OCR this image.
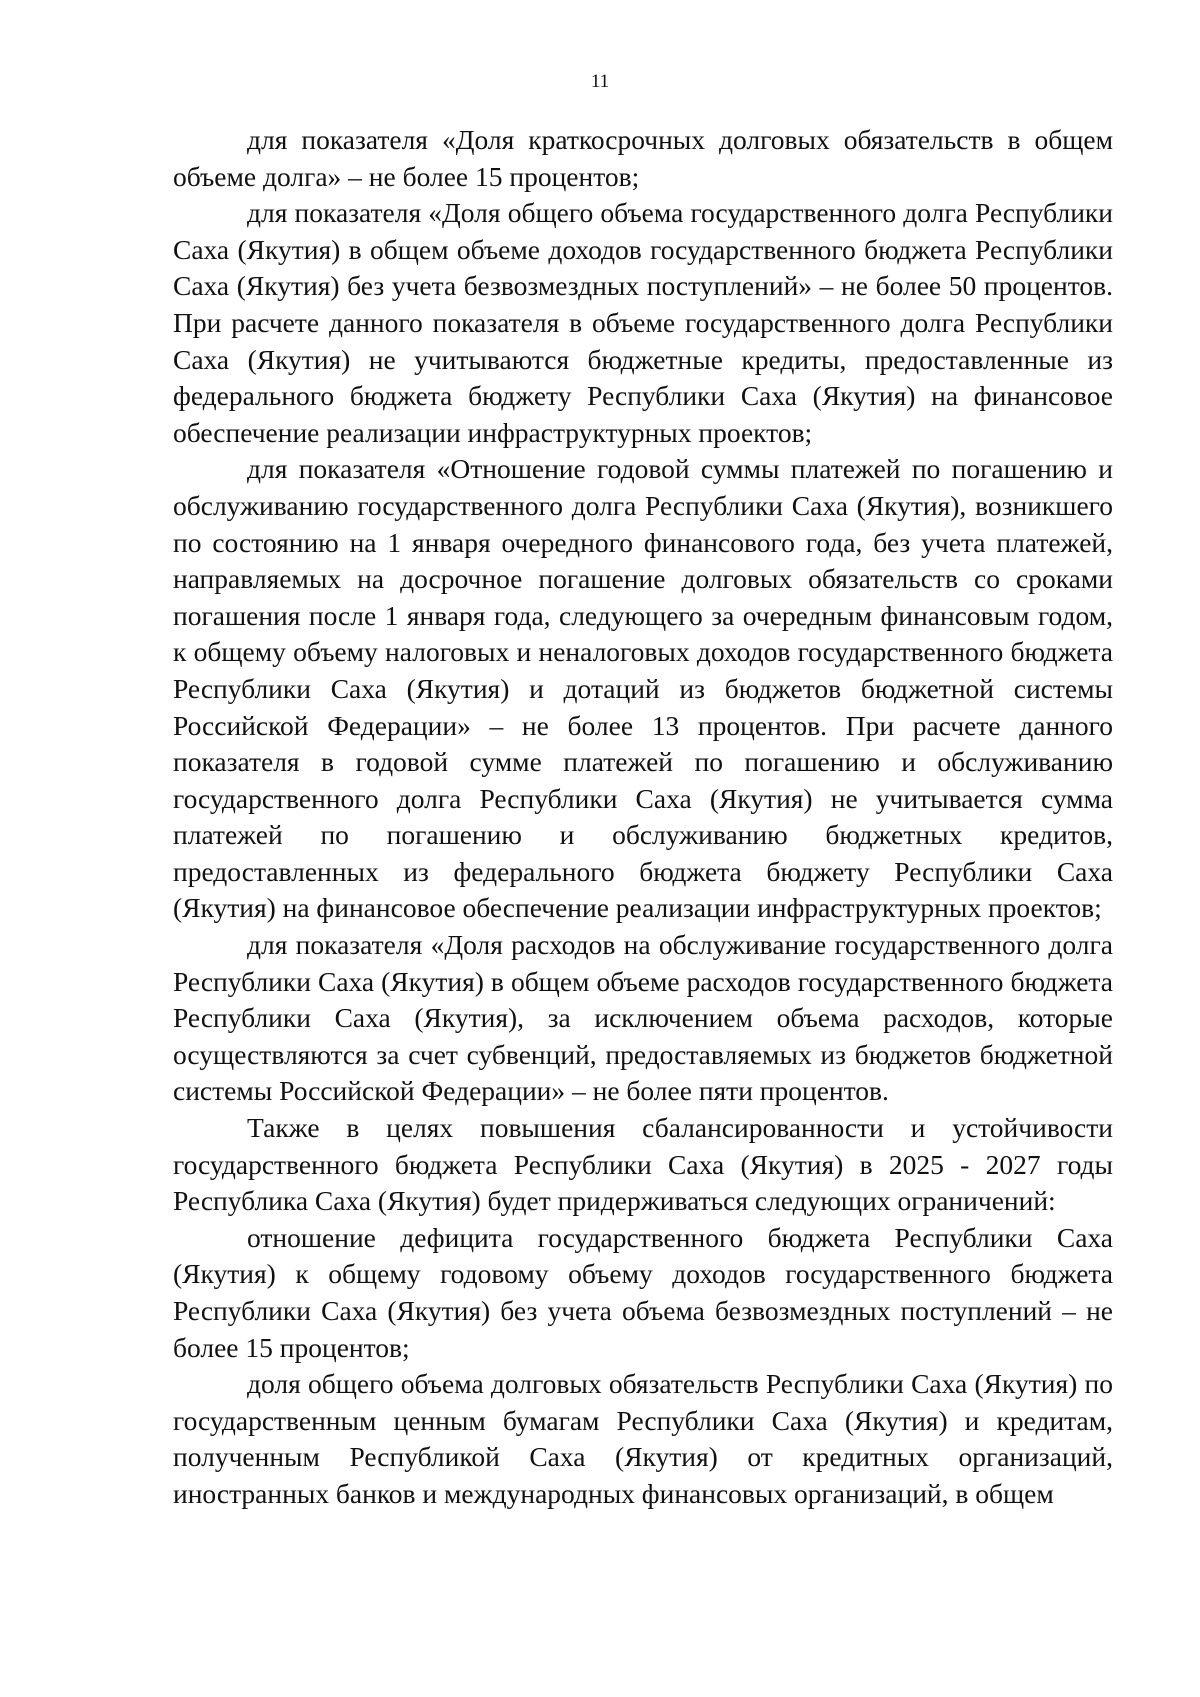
11

для показателя «Доля краткосрочных долговых обязательств в общем объеме долга» – не более 15 процентов;

для показателя «Доля общего объема государственного долга Республики Саха (Якутия) в общем объеме доходов государственного бюджета Республики Саха (Якутия) без учета безвозмездных поступлений» – не более 50 процентов. При расчете данного показателя в объеме государственного долга Республики Саха (Якутия) не учитываются бюджетные кредиты, предоставленные из федерального бюджета бюджету Республики Саха (Якутия) на финансовое обеспечение реализации инфраструктурных проектов;

для показателя «Отношение годовой суммы платежей по погашению и обслуживанию государственного долга Республики Саха (Якутия), возникшего по состоянию на 1 января очередного финансового года, без учета платежей, направляемых на досрочное погашение долговых обязательств со сроками погашения после 1 января года, следующего за очередным финансовым годом, к общему объему налоговых и неналоговых доходов государственного бюджета Республики Саха (Якутия) и дотаций из бюджетов бюджетной системы Российской Федерации» – не более 13 процентов. При расчете данного показателя в годовой сумме платежей по погашению и обслуживанию государственного долга Республики Саха (Якутия) не учитывается сумма платежей по погашению и обслуживанию бюджетных кредитов, предоставленных из федерального бюджета бюджету Республики Саха (Якутия) на финансовое обеспечение реализации инфраструктурных проектов;

для показателя «Доля расходов на обслуживание государственного долга Республики Саха (Якутия) в общем объеме расходов государственного бюджета Республики Саха (Якутия), за исключением объема расходов, которые осуществляются за счет субвенций, предоставляемых из бюджетов бюджетной системы Российской Федерации» – не более пяти процентов.

Также в целях повышения сбалансированности и устойчивости государственного бюджета Республики Саха (Якутия) в 2025 - 2027 годы Республика Саха (Якутия) будет придерживаться следующих ограничений:

отношение дефицита государственного бюджета Республики Саха (Якутия) к общему годовому объему доходов государственного бюджета Республики Саха (Якутия) без учета объема безвозмездных поступлений – не более 15 процентов;

доля общего объема долговых обязательств Республики Саха (Якутия) по государственным ценным бумагам Республики Саха (Якутия) и кредитам, полученным Республикой Саха (Якутия) от кредитных организаций, иностранных банков и международных финансовых организаций, в общем
